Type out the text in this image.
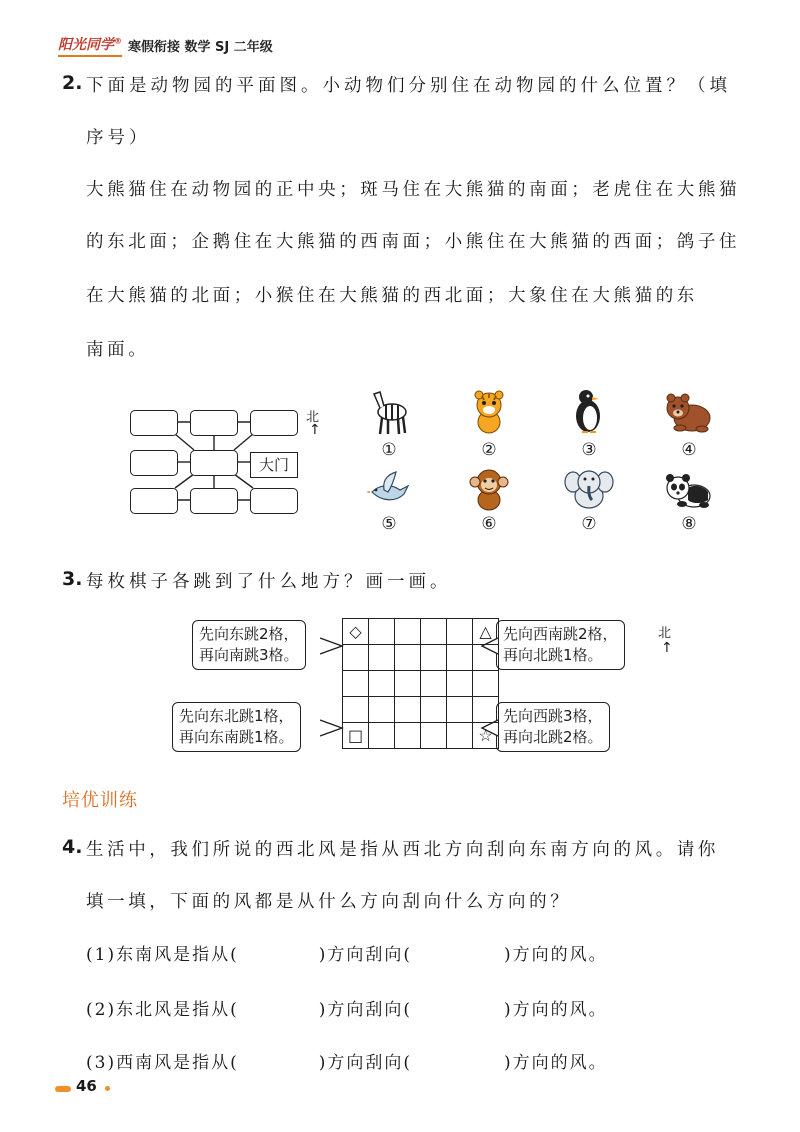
阳光同学® 寒假衔接 数学 SJ 二年级
2. 下面是动物园的平面图。小动物们分别住在动物园的什么位置？（填
序号）
大熊猫住在动物园的正中央；斑马住在大熊猫的南面；老虎住在大熊猫
的东北面；企鹅住在大熊猫的西南面；小熊住在大熊猫的西面；鸽子住
在大熊猫的北面；小猴住在大熊猫的西北面；大象住在大熊猫的东
南面。
大门
北
↑
①	②	③	④
⑤	⑥	⑦	⑧
3. 每枚棋子各跳到了什么地方？画一画。
先向东跳2格，
再向南跳3格。
先向西南跳2格，
再向北跳1格。
先向东北跳1格，
再向东南跳1格。
先向西跳3格，
再向北跳2格。
◇					△

□					☆
北
↑
培优训练
4. 生活中，我们所说的西北风是指从西北方向刮向东南方向的风。请你
填一填，下面的风都是从什么方向刮向什么方向的？
(1)东南风是指从(	)方向刮向(	)方向的风。
(2)东北风是指从(	)方向刮向(	)方向的风。
(3)西南风是指从(	)方向刮向(	)方向的风。
46
